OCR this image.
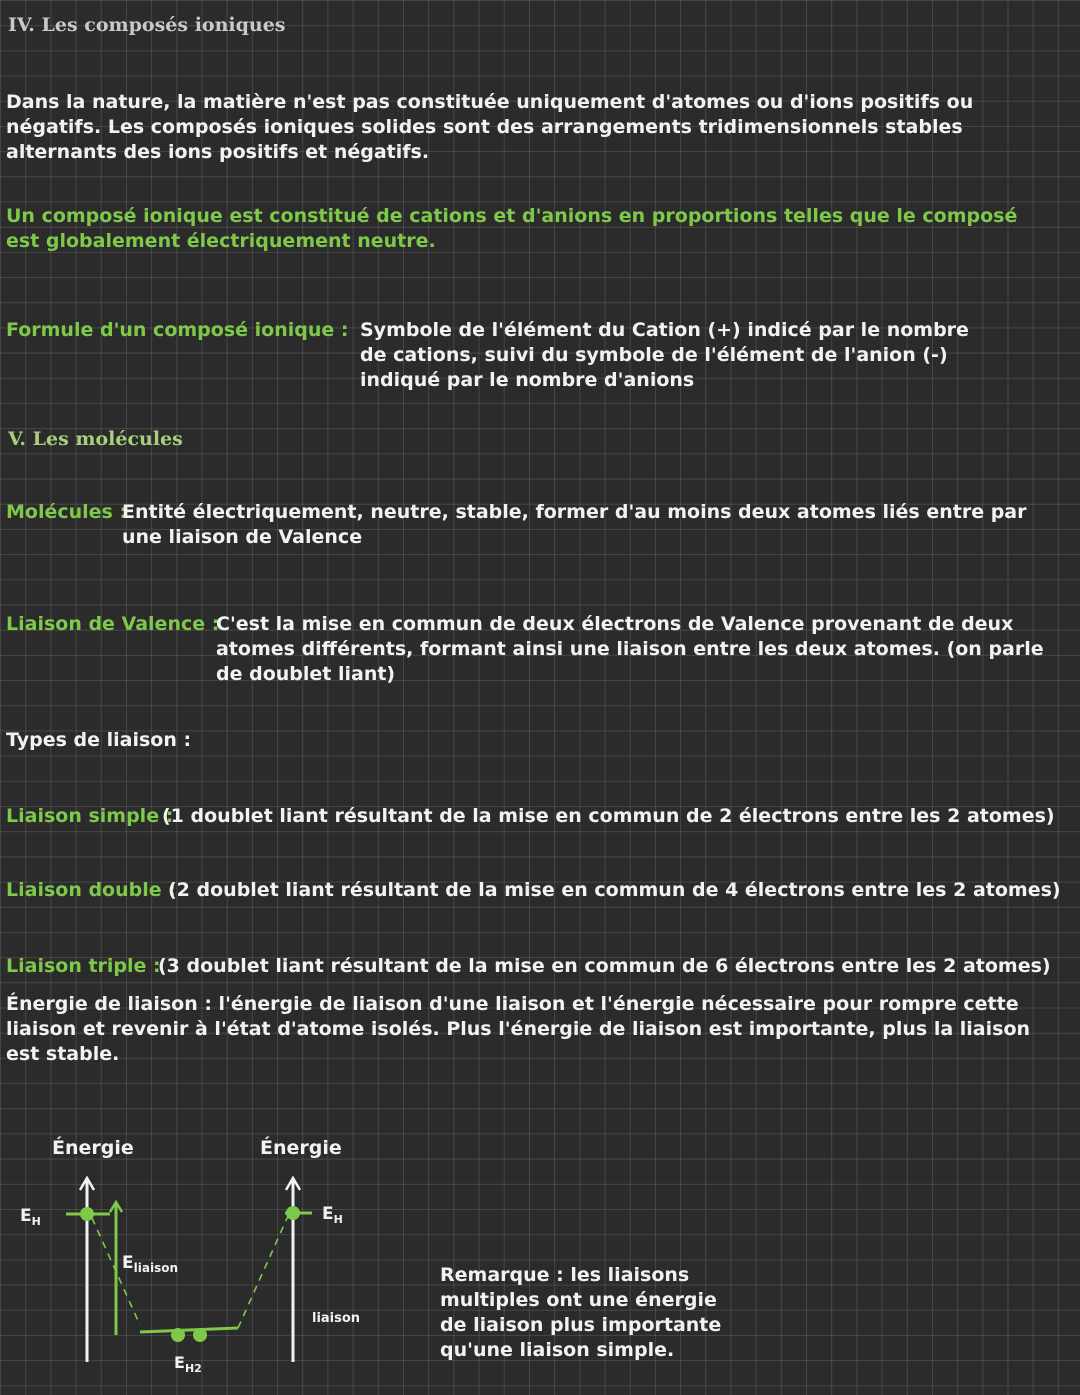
IV. Les composés ioniques
Dans la nature, la matière n'est pas constituée uniquement d'atomes ou d'ions positifs ou négatifs. Les composés ioniques solides sont des arrangements tridimensionnels stables alternants des ions positifs et négatifs.
Un composé ionique est constitué de cations et d'anions en proportions telles que le composé est globalement électriquement neutre.
Formule d'un composé ionique : Symbole de l'élément du Cation (+) indicé par le nombre de cations, suivi du symbole de l'élément de l'anion (-) indiqué par le nombre d'anions
V. Les molécules
Molécules :
Entité électriquement, neutre, stable, former d'au moins deux atomes liés entre par une liaison de Valence
Liaison de Valence :
C'est la mise en commun de deux électrons de Valence provenant de deux atomes différents, formant ainsi une liaison entre les deux atomes. (on parle de doublet liant)
Types de liaison :
Liaison simple :
(1 doublet liant résultant de la mise en commun de 2 électrons entre les 2 atomes)
Liaison double :
(2 doublet liant résultant de la mise en commun de 4 électrons entre les 2 atomes)
Liaison triple :
(3 doublet liant résultant de la mise en commun de 6 électrons entre les 2 atomes)
Énergie de liaison : l'énergie de liaison d'une liaison et l'énergie nécessaire pour rompre cette liaison et revenir à l'état d'atome isolés. Plus l'énergie de liaison est importante, plus la liaison est stable.
Énergie
$E_H$
$E_{liaison}$
$E_{H2}$
Énergie
$E_H$
liaison
Remarque : les liaisons multiples ont une énergie de liaison plus importante qu'une liaison simple.
